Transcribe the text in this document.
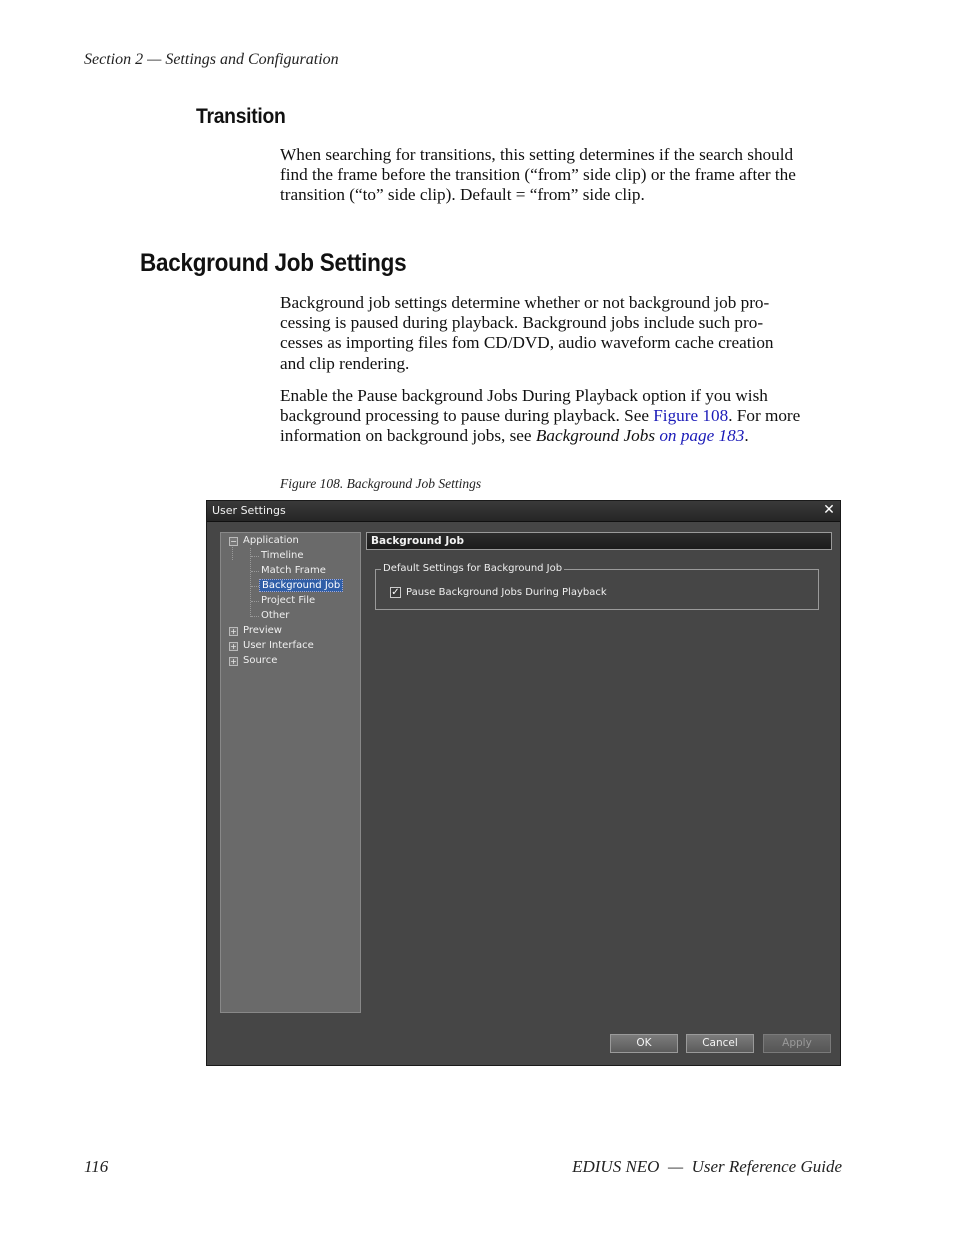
Section 2 — Settings and Configuration
Transition
When searching for transitions, this setting determines if the search should
find the frame before the transition (“from” side clip) or the frame after the
transition (“to” side clip). Default = “from” side clip.
Background Job Settings
Background job settings determine whether or not background job pro-
cessing is paused during playback. Background jobs include such pro-
cesses as importing files fom CD/DVD, audio waveform cache creation
and clip rendering.
Enable the Pause background Jobs During Playback option if you wish
background processing to pause during playback. See Figure 108. For more
information on background jobs, see Background Jobs on page 183.
Figure 108. Background Job Settings
User Settings	✕
− Application
Timeline
Match Frame
Background Job
Project File
Other
+ Preview
+ User Interface
+ Source
Background Job
Default Settings for Background Job
✓ Pause Background Jobs During Playback
OK	Cancel	Apply
116	EDIUS NEO  —  User Reference Guide
